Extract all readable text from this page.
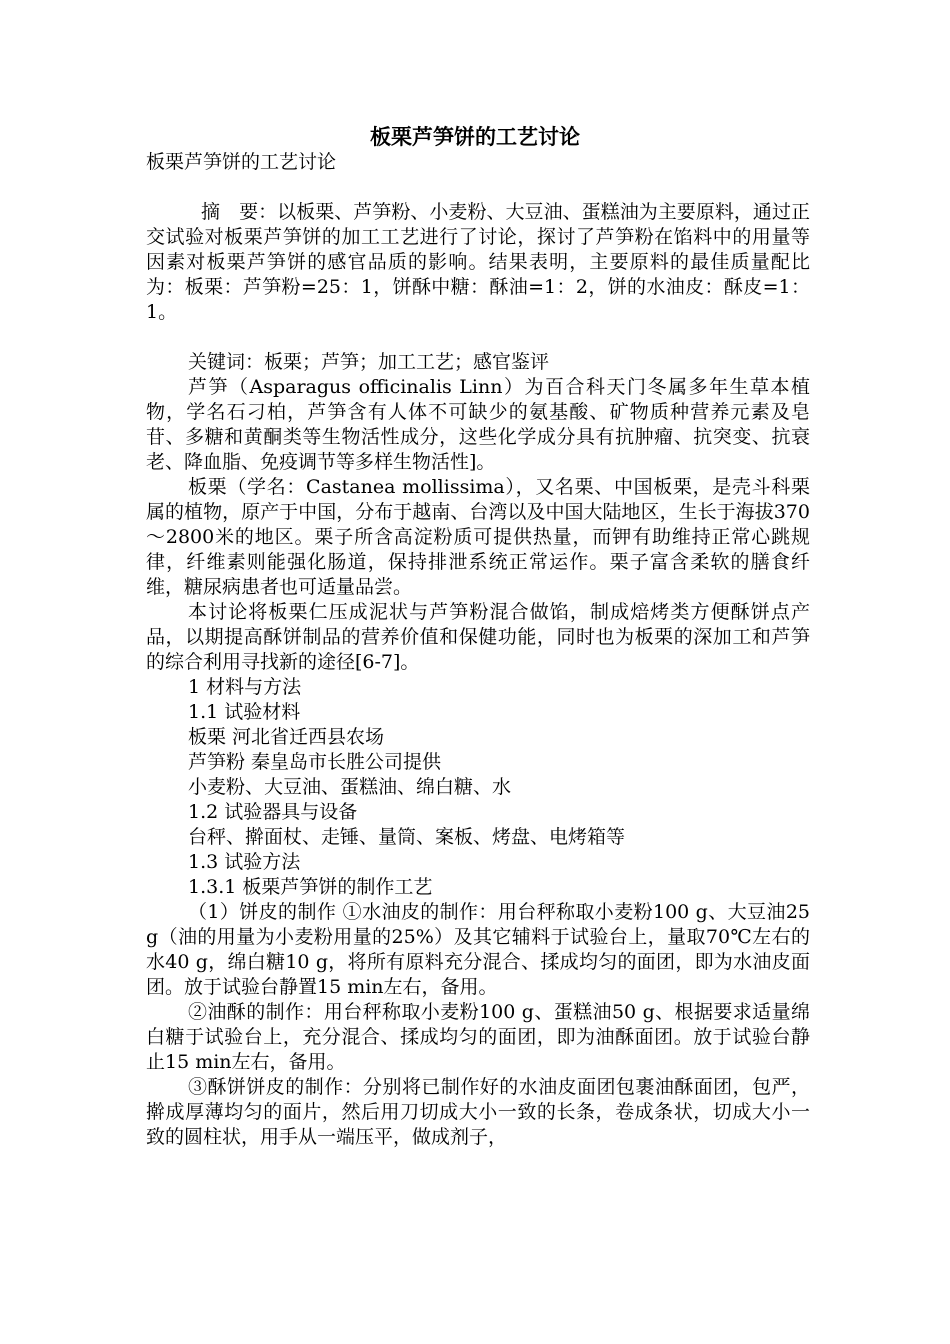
板栗芦笋饼的工艺讨论

板栗芦笋饼的工艺讨论

摘　要：以板栗、芦笋粉、小麦粉、大豆油、蛋糕油为主要原料，通过正交试验对板栗芦笋饼的加工工艺进行了讨论，探讨了芦笋粉在馅料中的用量等因素对板栗芦笋饼的感官品质的影响。结果表明，主要原料的最佳质量配比为：板栗：芦笋粉=25：1，饼酥中糖：酥油=1：2，饼的水油皮：酥皮=1：1。

关键词：板栗；芦笋；加工工艺；感官鉴评

芦笋（Asparagus officinalis Linn）为百合科天门冬属多年生草本植物，学名石刁柏，芦笋含有人体不可缺少的氨基酸、矿物质种营养元素及皂苷、多糖和黄酮类等生物活性成分，这些化学成分具有抗肿瘤、抗突变、抗衰老、降血脂、免疫调节等多样生物活性]。

板栗（学名：Castanea mollissima），又名栗、中国板栗，是壳斗科栗属的植物，原产于中国，分布于越南、台湾以及中国大陆地区，生长于海拔370～2800米的地区。栗子所含高淀粉质可提供热量，而钾有助维持正常心跳规律，纤维素则能强化肠道，保持排泄系统正常运作。栗子富含柔软的膳食纤维，糖尿病患者也可适量品尝。

本讨论将板栗仁压成泥状与芦笋粉混合做馅，制成焙烤类方便酥饼点产品，以期提高酥饼制品的营养价值和保健功能，同时也为板栗的深加工和芦笋的综合利用寻找新的途径[6-7]。

1 材料与方法

1.1 试验材料

板栗 河北省迁西县农场

芦笋粉 秦皇岛市长胜公司提供

小麦粉、大豆油、蛋糕油、绵白糖、水

1.2 试验器具与设备

台秤、擀面杖、走锤、量筒、案板、烤盘、电烤箱等

1.3 试验方法

1.3.1 板栗芦笋饼的制作工艺

（1）饼皮的制作 ①水油皮的制作：用台秤称取小麦粉100 g、大豆油25 g（油的用量为小麦粉用量的25%）及其它辅料于试验台上，量取70℃左右的水40 g，绵白糖10 g，将所有原料充分混合、揉成均匀的面团，即为水油皮面团。放于试验台静置15 min左右，备用。

②油酥的制作：用台秤称取小麦粉100 g、蛋糕油50 g、根据要求适量绵白糖于试验台上，充分混合、揉成均匀的面团，即为油酥面团。放于试验台静止15 min左右，备用。

③酥饼饼皮的制作：分别将已制作好的水油皮面团包裹油酥面团，包严，擀成厚薄均匀的面片，然后用刀切成大小一致的长条，卷成条状，切成大小一致的圆柱状，用手从一端压平，做成剂子，
